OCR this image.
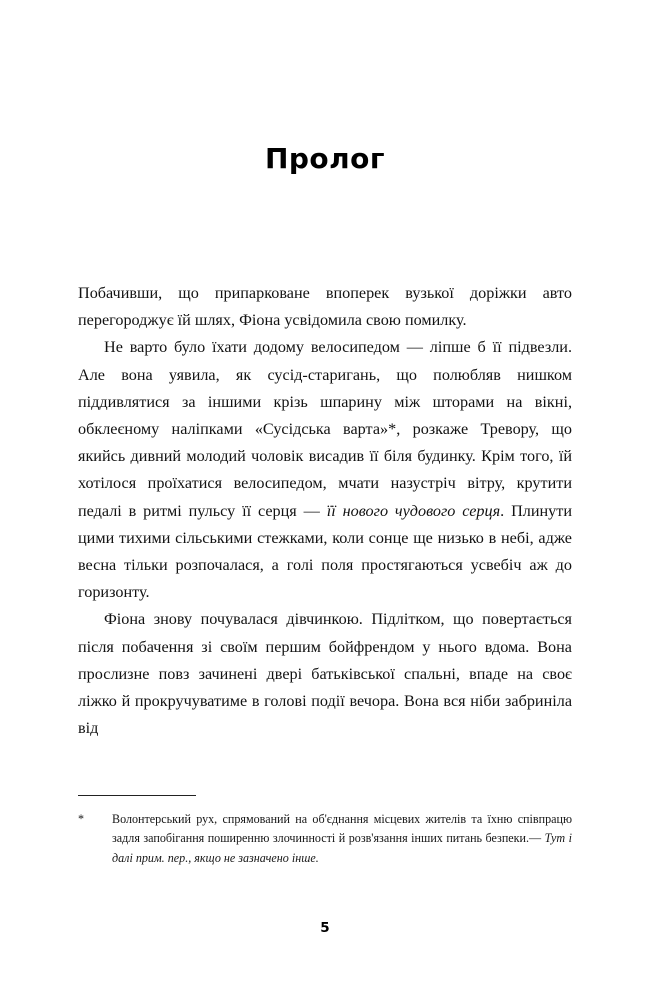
Пролог

Побачивши, що припарковане впоперек вузької доріжки авто перегороджує їй шлях, Фіона усвідомила свою помилку.

Не варто було їхати додому велосипедом — ліпше б її підвезли. Але вона уявила, як сусід-старигань, що полюбляв нишком піддивлятися за іншими крізь шпарину між шторами на вікні, обклеєному наліпками «Сусідська варта»*, розкаже Тревору, що якийсь дивний молодий чоловік висадив її біля будинку. Крім того, їй хотілося проїхатися велосипедом, мчати назустріч вітру, крутити педалі в ритмі пульсу її серця — її нового чудового серця. Плинути цими тихими сільськими стежками, коли сонце ще низько в небі, адже весна тільки розпочалася, а голі поля простягаються усвебіч аж до горизонту.

Фіона знову почувалася дівчинкою. Підлітком, що повертається після побачення зі своїм першим бойфрендом у нього вдома. Вона прослизне повз зачинені двері батьківської спальні, впаде на своє ліжко й прокручуватиме в голові події вечора. Вона вся ніби забриніла від

*	Волонтерський рух, спрямований на об'єднання місцевих жителів та їхню співпрацю задля запобігання поширенню злочинності й розв'язання інших питань безпеки.— Тут і далі прим. пер., якщо не зазначено інше.
5
